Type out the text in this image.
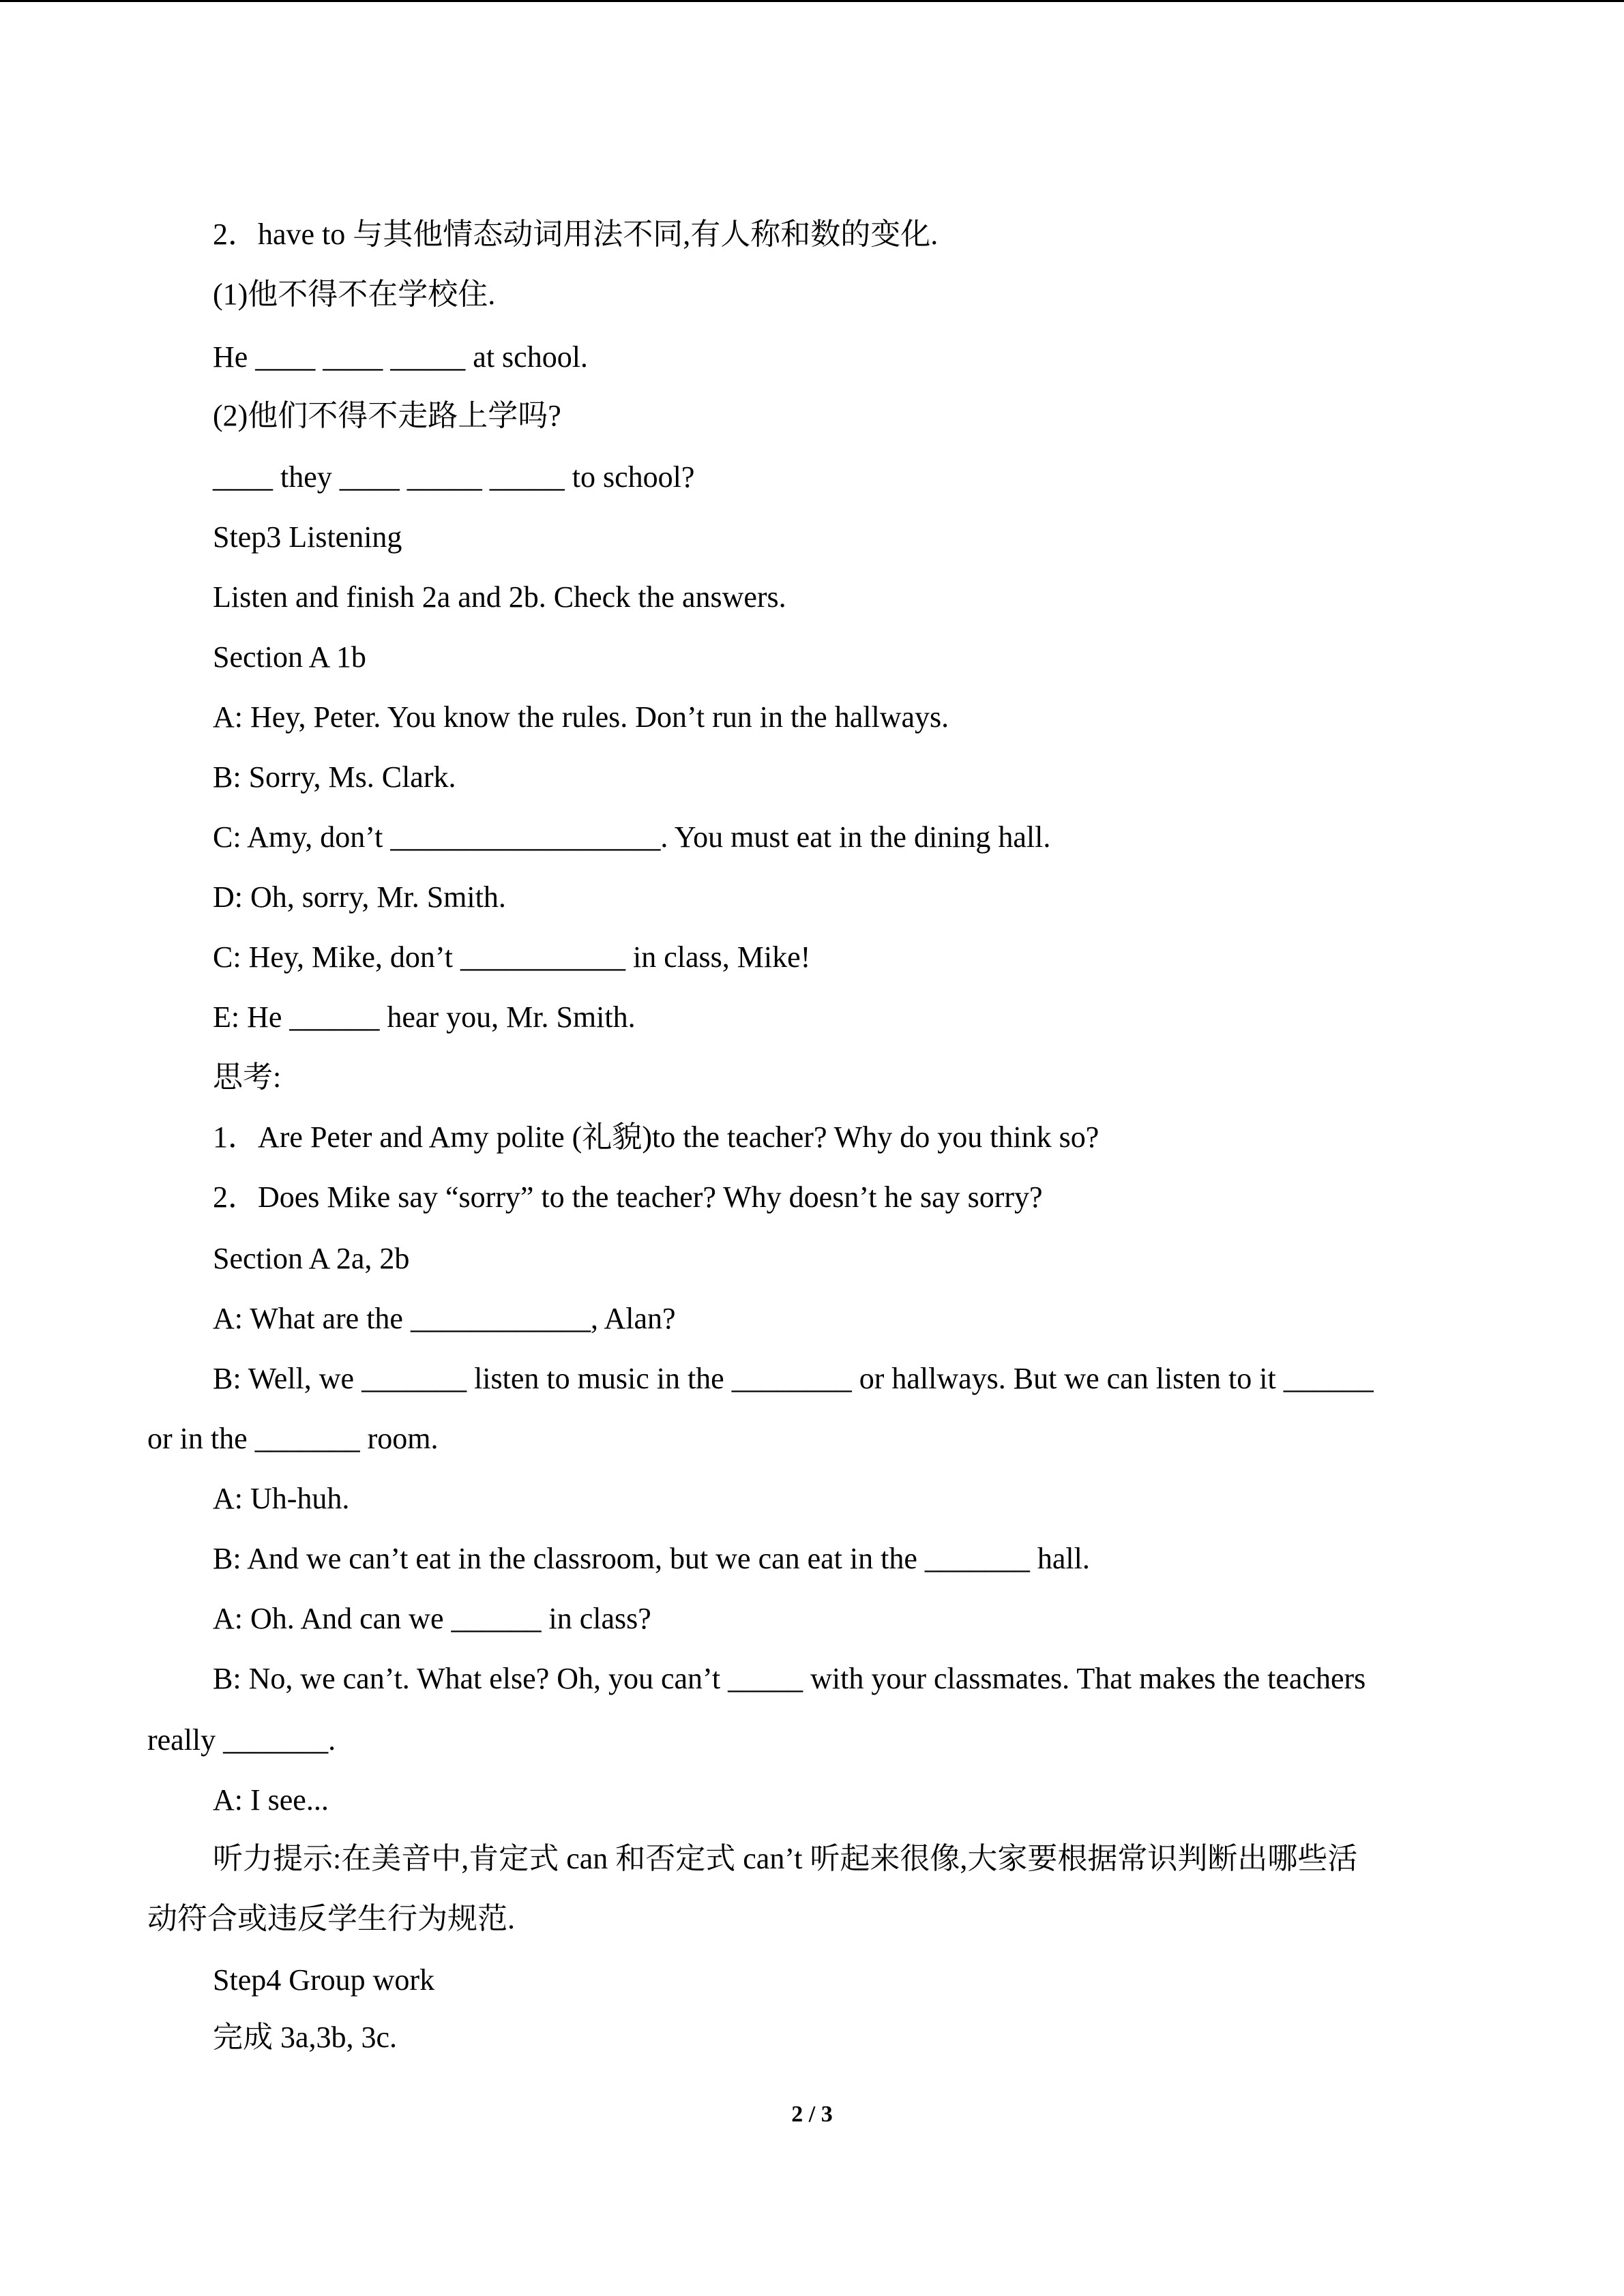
2．have to 与其他情态动词用法不同,有人称和数的变化.
(1)他不得不在学校住.
He ____ ____ _____ at school.
(2)他们不得不走路上学吗?
____ they ____ _____ _____ to school?
Step3 Listening
Listen and finish 2a and 2b. Check the answers.
Section A 1b
A: Hey, Peter. You know the rules. Don’t run in the hallways.
B: Sorry, Ms. Clark.
C: Amy, don’t __________________. You must eat in the dining hall.
D: Oh, sorry, Mr. Smith.
C: Hey, Mike, don’t ___________ in class, Mike!
E: He ______ hear you, Mr. Smith.
思考:
1．Are Peter and Amy polite (礼貌)to the teacher? Why do you think so?
2．Does Mike say “sorry” to the teacher? Why doesn’t he say sorry?
Section A 2a, 2b
A: What are the ____________, Alan?
B: Well, we _______ listen to music in the ________ or hallways. But we can listen to it ______
or in the _______ room.
A: Uh-huh.
B: And we can’t eat in the classroom, but we can eat in the _______ hall.
A: Oh. And can we ______ in class?
B: No, we can’t. What else? Oh, you can’t _____ with your classmates. That makes the teachers
really _______.
A: I see...
听力提示:在美音中,肯定式 can 和否定式 can’t 听起来很像,大家要根据常识判断出哪些活
动符合或违反学生行为规范.
Step4 Group work
完成 3a,3b, 3c.
2 / 3
